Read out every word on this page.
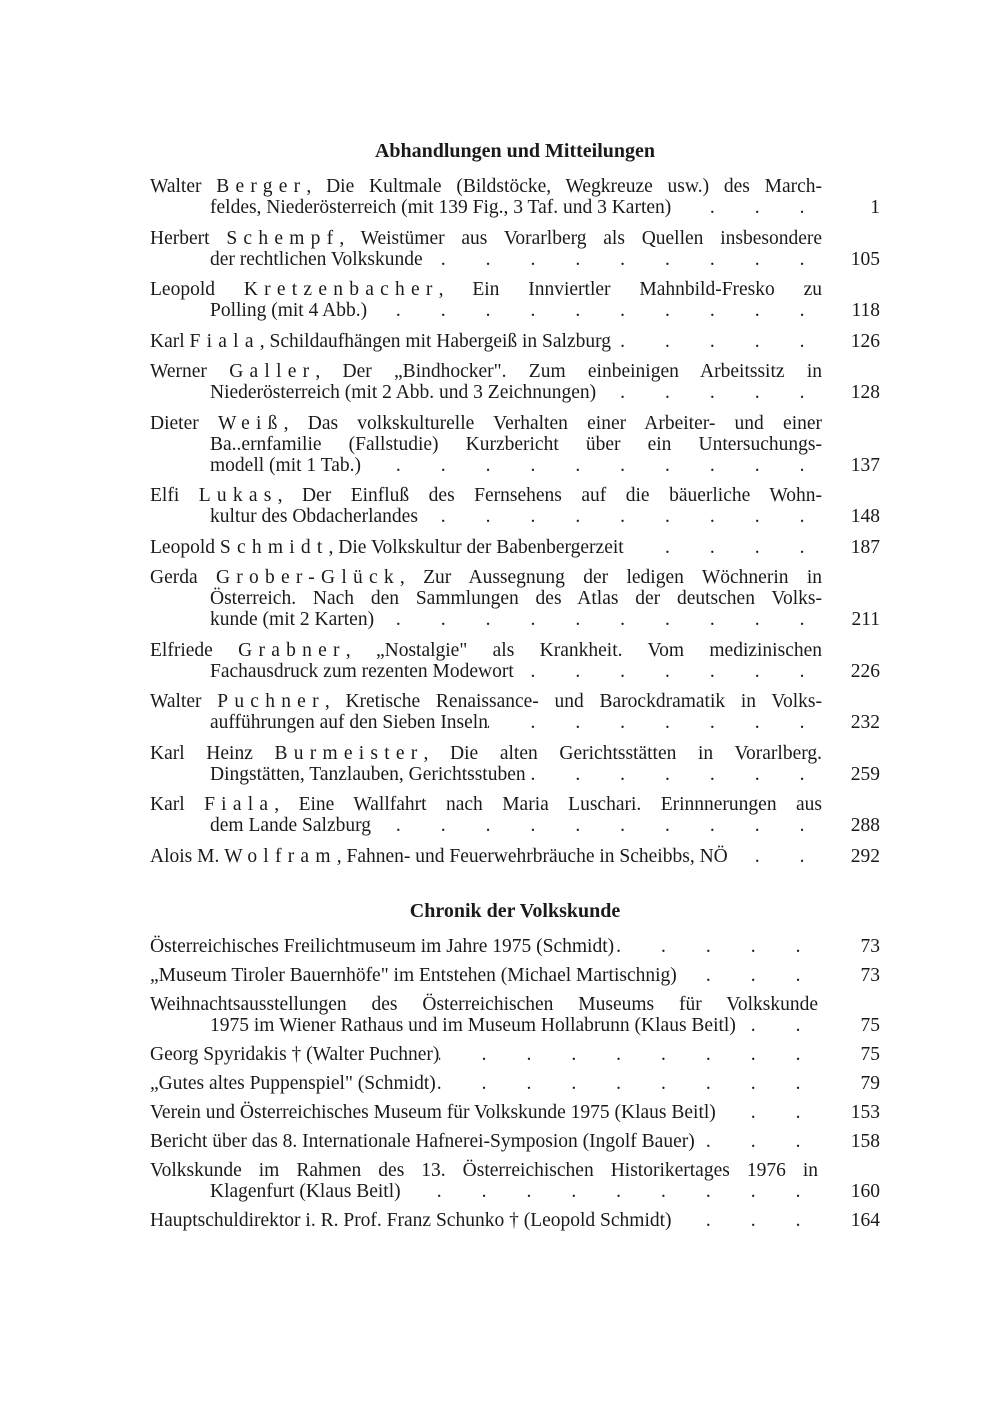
Abhandlungen und Mitteilungen
Walter Berger, Die Kultmale (Bildstöcke, Wegkreuze usw.) des March-
feldes, Niederösterreich (mit 139 Fig., 3 Taf. und 3 Karten) . . .	1
Herbert Schempf, Weistümer aus Vorarlberg als Quellen insbesondere
der rechtlichen Volkskunde . . .	105
Leopold Kretzenbacher, Ein Innviertler Mahnbild-Fresko zu
Polling (mit 4 Abb.) . . .	118
Karl Fiala, Schildaufhängen mit Habergeiß in Salzburg . . .	126
Werner Galler, Der „Bindhocker". Zum einbeinigen Arbeitssitz in
Niederösterreich (mit 2 Abb. und 3 Zeichnungen) . . .	128
Dieter Weiß, Das volkskulturelle Verhalten einer Arbeiter- und einer
Ba..ernfamilie (Fallstudie) Kurzbericht über ein Untersuchungs-
modell (mit 1 Tab.) . . .	137
Elfi Lukas, Der Einfluß des Fernsehens auf die bäuerliche Wohn-
kultur des Obdacherlandes . . .	148
Leopold Schmidt, Die Volkskultur der Babenbergerzeit . . .	187
Gerda Grober-Glück, Zur Aussegnung der ledigen Wöchnerin in
Österreich. Nach den Sammlungen des Atlas der deutschen Volks-
kunde (mit 2 Karten) . . .	211
Elfriede Grabner, „Nostalgie" als Krankheit. Vom medizinischen
Fachausdruck zum rezenten Modewort . . .	226
Walter Puchner, Kretische Renaissance- und Barockdramatik in Volks-
aufführungen auf den Sieben Inseln . . .	232
Karl Heinz Burmeister, Die alten Gerichtsstätten in Vorarlberg.
Dingstätten, Tanzlauben, Gerichtsstuben . . .	259
Karl Fiala, Eine Wallfahrt nach Maria Luschari. Erinnnerungen aus
dem Lande Salzburg . . .	288
Alois M. Wolfram, Fahnen- und Feuerwehrbräuche in Scheibbs, NÖ . . .	292
Chronik der Volkskunde
Österreichisches Freilichtmuseum im Jahre 1975 (Schmidt) . . .	73
„Museum Tiroler Bauernhöfe" im Entstehen (Michael Martischnig) . . .	73
Weihnachtsausstellungen des Österreichischen Museums für Volkskunde
1975 im Wiener Rathaus und im Museum Hollabrunn (Klaus Beitl) . . .	75
Georg Spyridakis † (Walter Puchner) . . .	75
„Gutes altes Puppenspiel" (Schmidt) . . .	79
Verein und Österreichisches Museum für Volkskunde 1975 (Klaus Beitl) . . .	153
Bericht über das 8. Internationale Hafnerei-Symposion (Ingolf Bauer) . . .	158
Volkskunde im Rahmen des 13. Österreichischen Historikertages 1976 in
Klagenfurt (Klaus Beitl) . . .	160
Hauptschuldirektor i. R. Prof. Franz Schunko † (Leopold Schmidt) . . .	164
